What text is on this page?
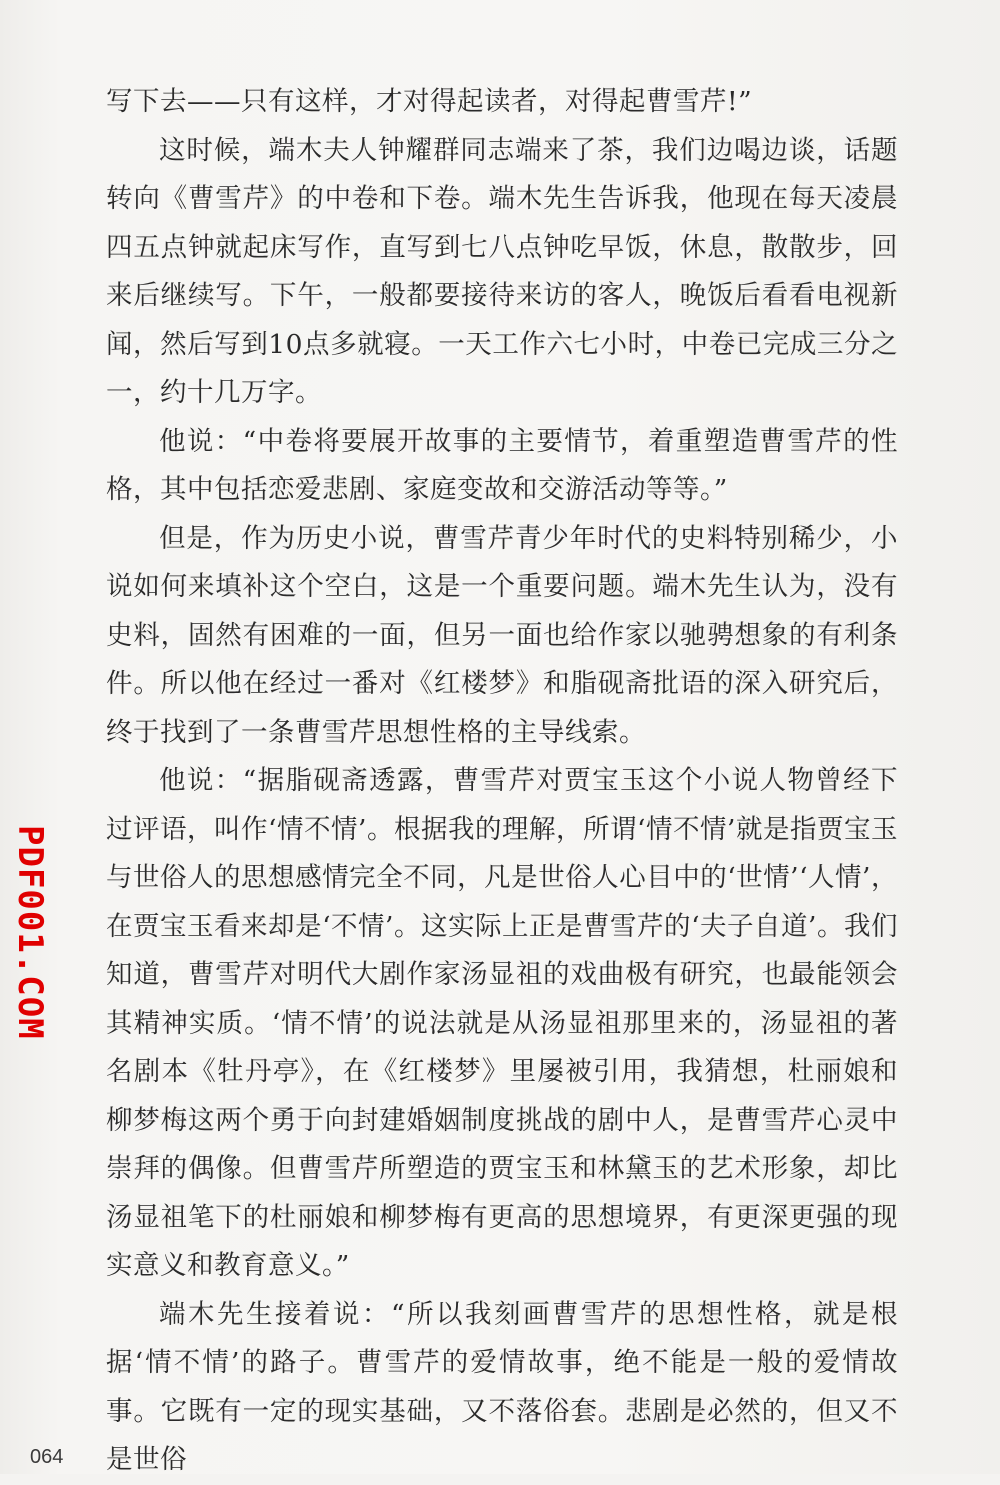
写下去——只有这样，才对得起读者，对得起曹雪芹!”

这时候，端木夫人钟耀群同志端来了茶，我们边喝边谈，话题转向《曹雪芹》的中卷和下卷。端木先生告诉我，他现在每天凌晨四五点钟就起床写作，直写到七八点钟吃早饭，休息，散散步，回来后继续写。下午，一般都要接待来访的客人，晚饭后看看电视新闻，然后写到10点多就寝。一天工作六七小时，中卷已完成三分之一，约十几万字。

他说：“中卷将要展开故事的主要情节，着重塑造曹雪芹的性格，其中包括恋爱悲剧、家庭变故和交游活动等等。”

但是，作为历史小说，曹雪芹青少年时代的史料特别稀少，小说如何来填补这个空白，这是一个重要问题。端木先生认为，没有史料，固然有困难的一面，但另一面也给作家以驰骋想象的有利条件。所以他在经过一番对《红楼梦》和脂砚斋批语的深入研究后，终于找到了一条曹雪芹思想性格的主导线索。

他说：“据脂砚斋透露，曹雪芹对贾宝玉这个小说人物曾经下过评语，叫作‘情不情’。根据我的理解，所谓‘情不情’就是指贾宝玉与世俗人的思想感情完全不同，凡是世俗人心目中的‘世情’‘人情’，在贾宝玉看来却是‘不情’。这实际上正是曹雪芹的‘夫子自道’。我们知道，曹雪芹对明代大剧作家汤显祖的戏曲极有研究，也最能领会其精神实质。‘情不情’的说法就是从汤显祖那里来的，汤显祖的著名剧本《牡丹亭》，在《红楼梦》里屡被引用，我猜想，杜丽娘和柳梦梅这两个勇于向封建婚姻制度挑战的剧中人，是曹雪芹心灵中崇拜的偶像。但曹雪芹所塑造的贾宝玉和林黛玉的艺术形象，却比汤显祖笔下的杜丽娘和柳梦梅有更高的思想境界，有更深更强的现实意义和教育意义。”

端木先生接着说：“所以我刻画曹雪芹的思想性格，就是根据‘情不情’的路子。曹雪芹的爱情故事，绝不能是一般的爱情故事。它既有一定的现实基础，又不落俗套。悲剧是必然的，但又不是世俗

PDF001.COM
064
